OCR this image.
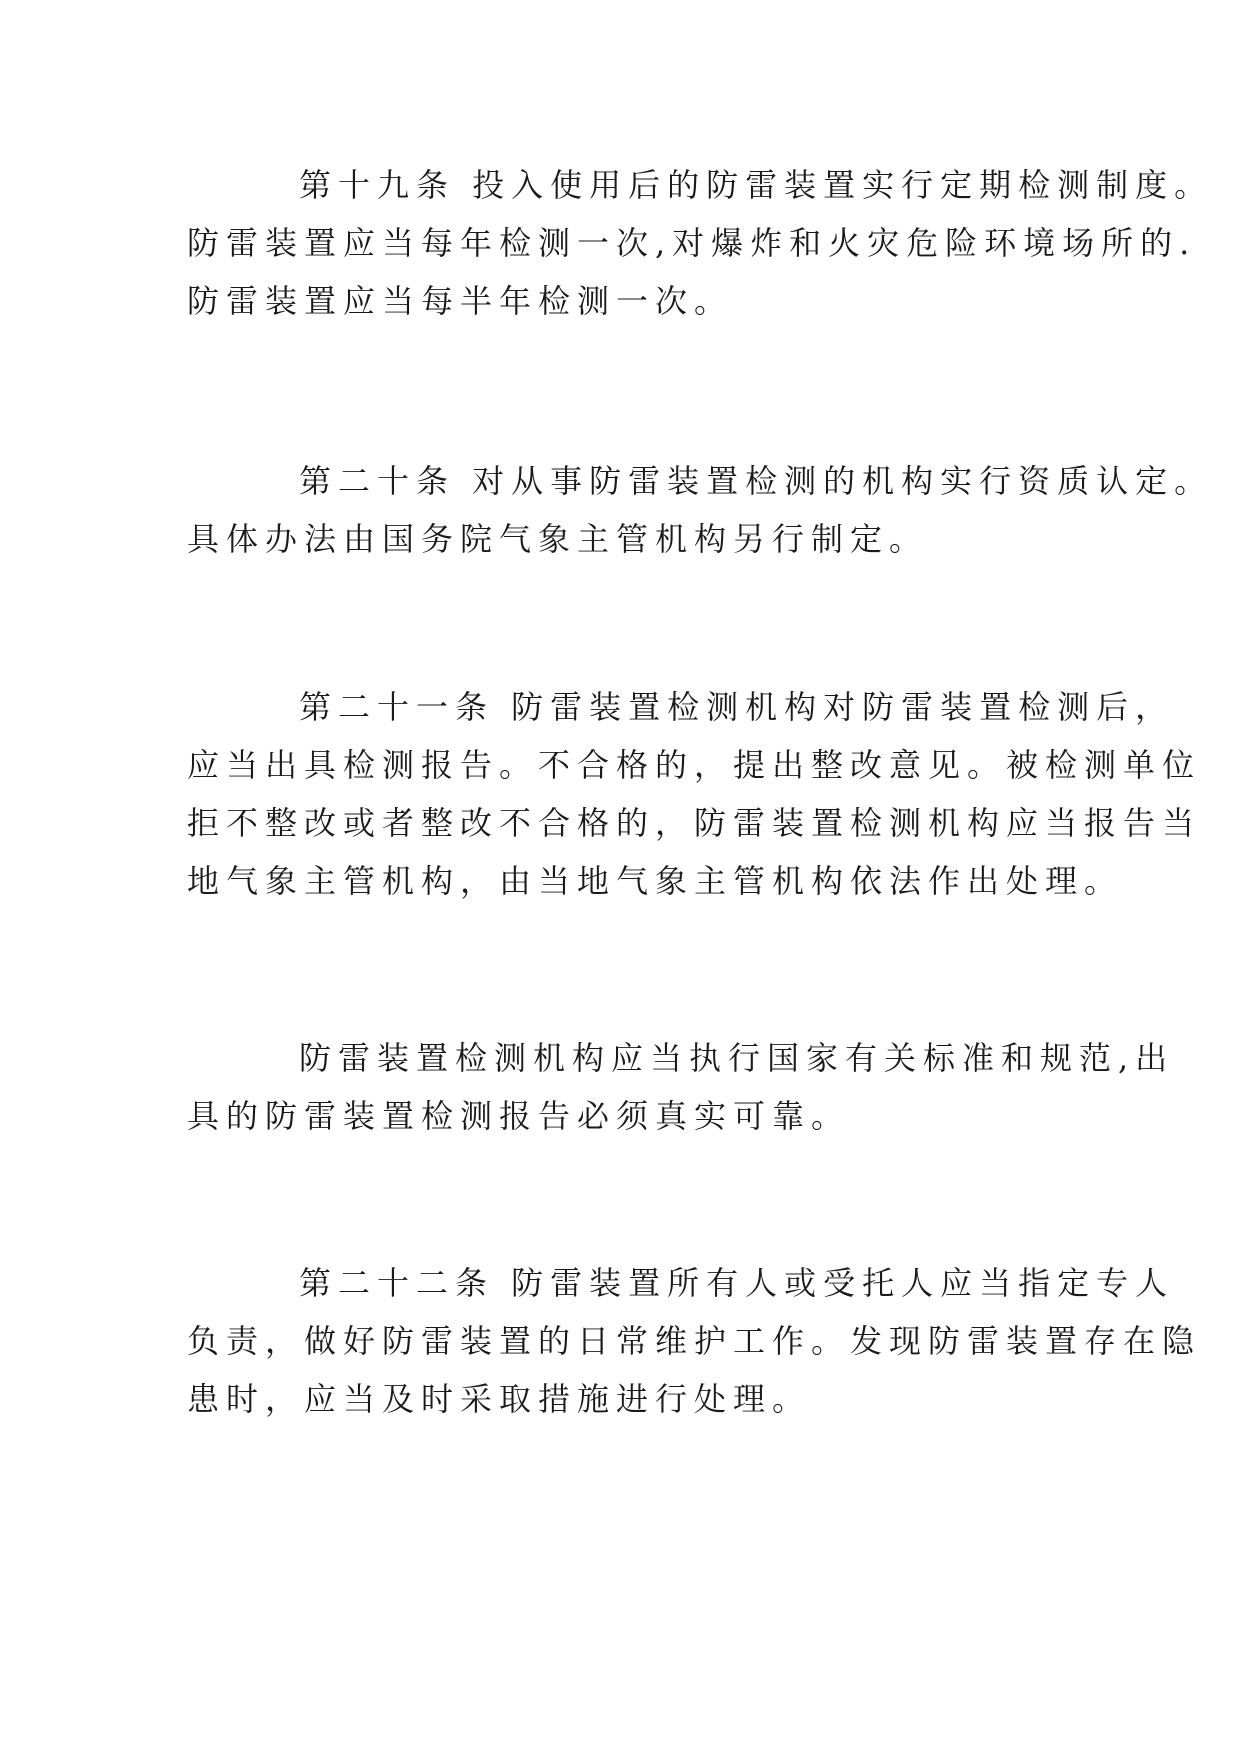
第十九条 投入使用后的防雷装置实行定期检测制度。
防雷装置应当每年检测一次,对爆炸和火灾危险环境场所的.
防雷装置应当每半年检测一次。

第二十条 对从事防雷装置检测的机构实行资质认定。
具体办法由国务院气象主管机构另行制定。

第二十一条 防雷装置检测机构对防雷装置检测后，
应当出具检测报告。不合格的，提出整改意见。被检测单位
拒不整改或者整改不合格的，防雷装置检测机构应当报告当
地气象主管机构，由当地气象主管机构依法作出处理。

防雷装置检测机构应当执行国家有关标准和规范,出
具的防雷装置检测报告必须真实可靠。

第二十二条 防雷装置所有人或受托人应当指定专人
负责，做好防雷装置的日常维护工作。发现防雷装置存在隐
患时，应当及时采取措施进行处理。
